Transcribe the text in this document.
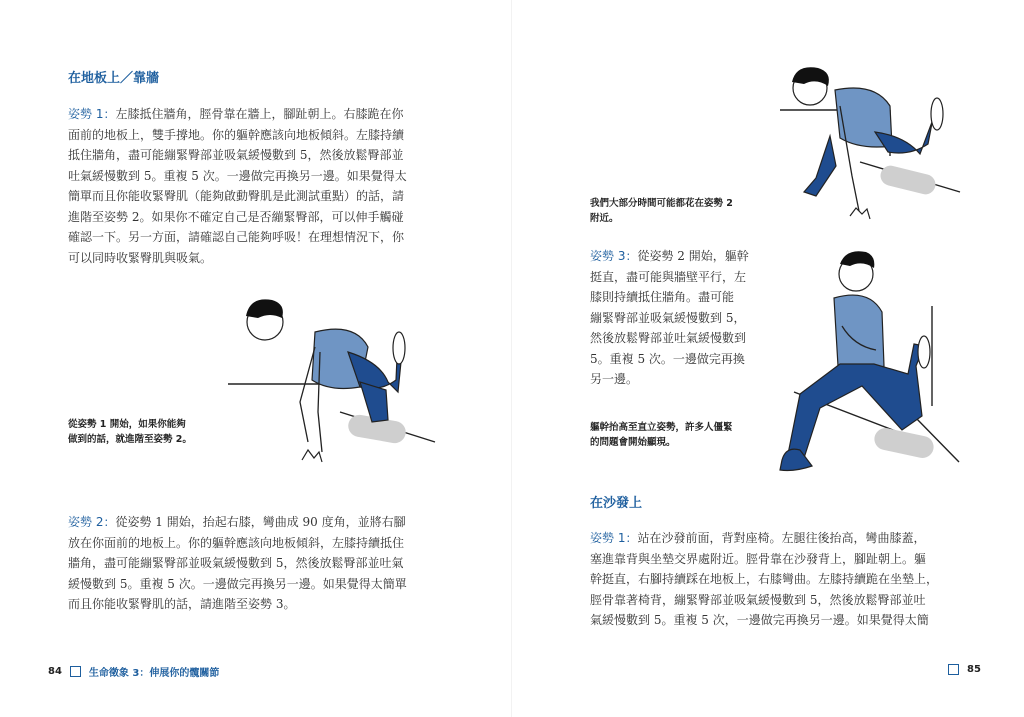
在地板上／靠牆
姿勢 1：左膝抵住牆角，脛骨靠在牆上，腳趾朝上。右膝跪在你
面前的地板上，雙手撐地。你的軀幹應該向地板傾斜。左膝持續
抵住牆角，盡可能繃緊臀部並吸氣緩慢數到 5，然後放鬆臀部並
吐氣緩慢數到 5。重複 5 次。一邊做完再換另一邊。如果覺得太
簡單而且你能收緊臀肌（能夠啟動臀肌是此測試重點）的話，請
進階至姿勢 2。如果你不確定自己是否繃緊臀部，可以伸手觸碰
確認一下。另一方面，請確認自己能夠呼吸！在理想情況下，你
可以同時收緊臀肌與吸氣。
從姿勢 1 開始，如果你能夠
做到的話，就進階至姿勢 2。
姿勢 2：從姿勢 1 開始，抬起右膝，彎曲成 90 度角，並將右腳
放在你面前的地板上。你的軀幹應該向地板傾斜，左膝持續抵住
牆角，盡可能繃緊臀部並吸氣緩慢數到 5，然後放鬆臀部並吐氣
緩慢數到 5。重複 5 次。一邊做完再換另一邊。如果覺得太簡單
而且你能收緊臀肌的話，請進階至姿勢 3。
84	生命徵象 3：伸展你的髖關節
我們大部分時間可能都花在姿勢 2
附近。
姿勢 3：從姿勢 2 開始，軀幹
挺直，盡可能與牆壁平行，左
膝則持續抵住牆角。盡可能
繃緊臀部並吸氣緩慢數到 5，
然後放鬆臀部並吐氣緩慢數到
5。重複 5 次。一邊做完再換
另一邊。
軀幹抬高至直立姿勢，許多人僵緊
的問題會開始顯現。
在沙發上
姿勢 1：站在沙發前面，背對座椅。左腿往後抬高，彎曲膝蓋，
塞進靠背與坐墊交界處附近。脛骨靠在沙發背上，腳趾朝上。軀
幹挺直，右腳持續踩在地板上，右膝彎曲。左膝持續跪在坐墊上，
脛骨靠著椅背，繃緊臀部並吸氣緩慢數到 5，然後放鬆臀部並吐
氣緩慢數到 5。重複 5 次，一邊做完再換另一邊。如果覺得太簡
85
